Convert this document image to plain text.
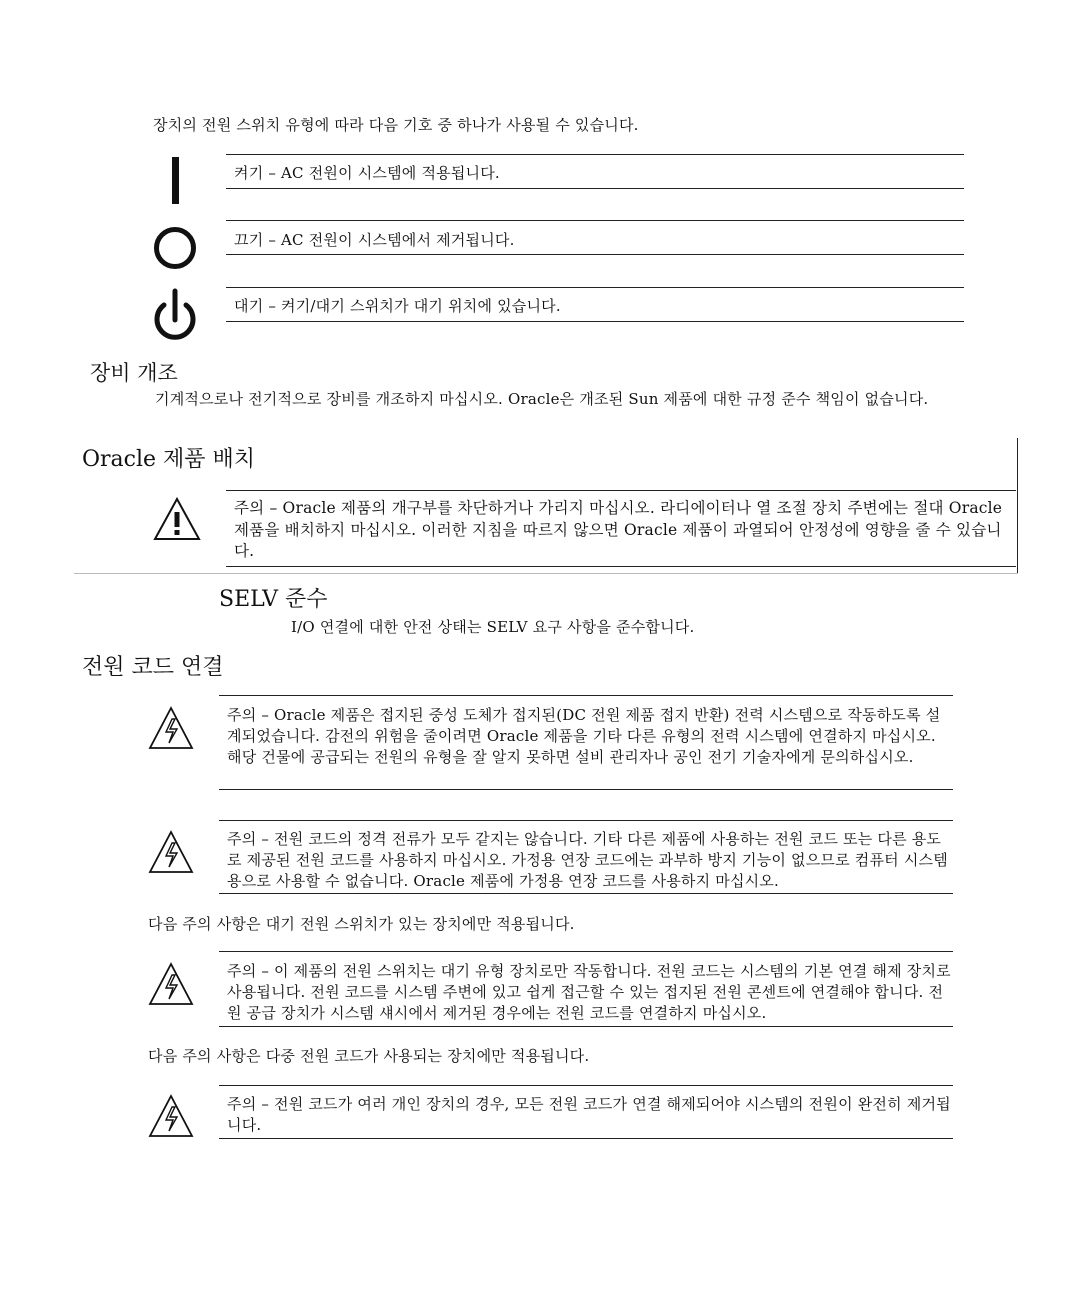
장치의 전원 스위치 유형에 따라 다음 기호 중 하나가 사용될 수 있습니다.
켜기 – AC 전원이 시스템에 적용됩니다.
끄기 – AC 전원이 시스템에서 제거됩니다.
대기 – 켜기/대기 스위치가 대기 위치에 있습니다.
장비 개조
기계적으로나 전기적으로 장비를 개조하지 마십시오. Oracle은 개조된 Sun 제품에 대한 규정 준수 책임이 없습니다.
Oracle 제품 배치
주의 – Oracle 제품의 개구부를 차단하거나 가리지 마십시오. 라디에이터나 열 조절 장치 주변에는 절대 Oracle 제품을 배치하지 마십시오. 이러한 지침을 따르지 않으면 Oracle 제품이 과열되어 안정성에 영향을 줄 수 있습니다.
SELV 준수
I/O 연결에 대한 안전 상태는 SELV 요구 사항을 준수합니다.
전원 코드 연결
주의 – Oracle 제품은 접지된 중성 도체가 접지된(DC 전원 제품 접지 반환) 전력 시스템으로 작동하도록 설계되었습니다. 감전의 위험을 줄이려면 Oracle 제품을 기타 다른 유형의 전력 시스템에 연결하지 마십시오. 해당 건물에 공급되는 전원의 유형을 잘 알지 못하면 설비 관리자나 공인 전기 기술자에게 문의하십시오.
주의 – 전원 코드의 정격 전류가 모두 같지는 않습니다. 기타 다른 제품에 사용하는 전원 코드 또는 다른 용도로 제공된 전원 코드를 사용하지 마십시오. 가정용 연장 코드에는 과부하 방지 기능이 없으므로 컴퓨터 시스템용으로 사용할 수 없습니다. Oracle 제품에 가정용 연장 코드를 사용하지 마십시오.
다음 주의 사항은 대기 전원 스위치가 있는 장치에만 적용됩니다.
주의 – 이 제품의 전원 스위치는 대기 유형 장치로만 작동합니다. 전원 코드는 시스템의 기본 연결 해제 장치로 사용됩니다. 전원 코드를 시스템 주변에 있고 쉽게 접근할 수 있는 접지된 전원 콘센트에 연결해야 합니다. 전원 공급 장치가 시스템 섀시에서 제거된 경우에는 전원 코드를 연결하지 마십시오.
다음 주의 사항은 다중 전원 코드가 사용되는 장치에만 적용됩니다.
주의 – 전원 코드가 여러 개인 장치의 경우, 모든 전원 코드가 연결 해제되어야 시스템의 전원이 완전히 제거됩니다.
